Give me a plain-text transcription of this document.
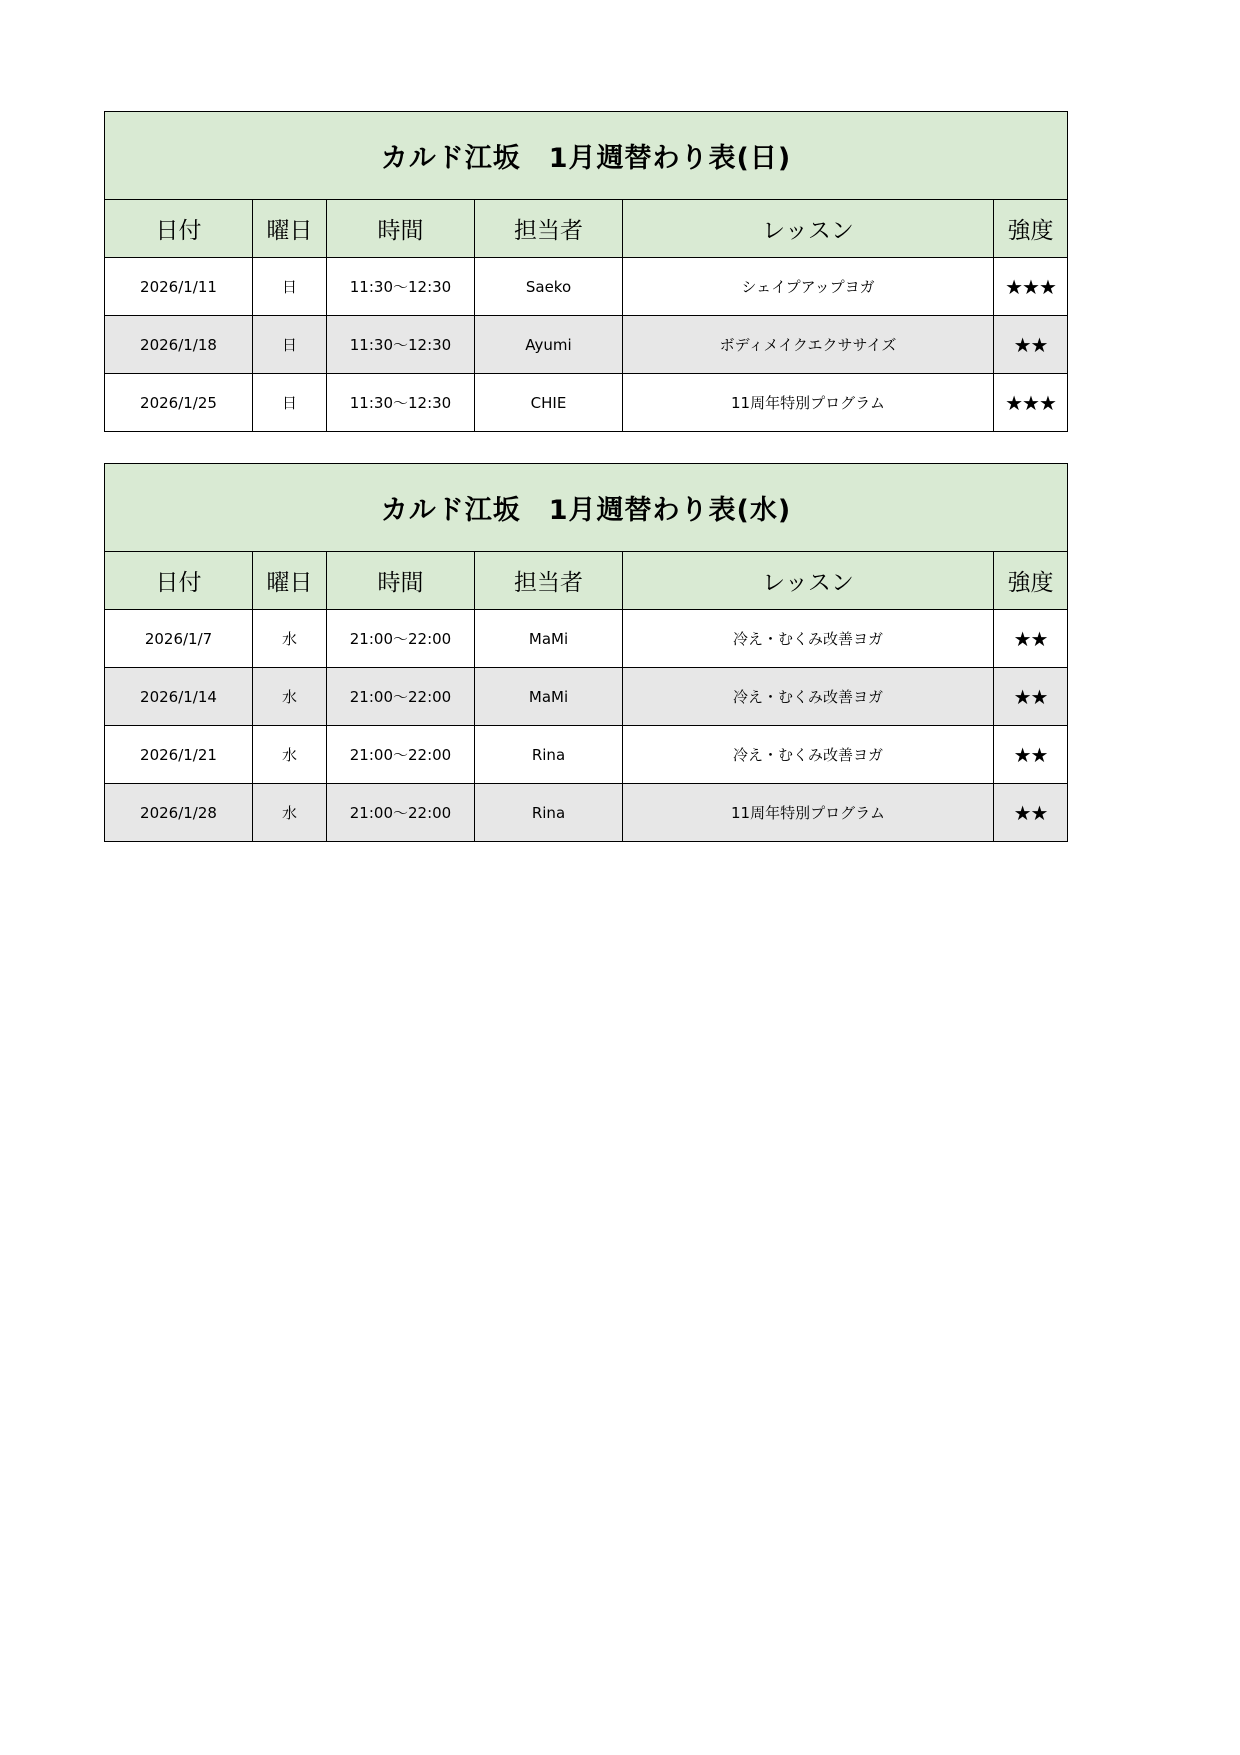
カルド江坂　1月週替わり表(日)					
日付	曜日	時間	担当者	レッスン	強度
2026/1/11	日	11:30～12:30	Saeko	シェイプアップヨガ	★★★
2026/1/18	日	11:30～12:30	Ayumi	ボディメイクエクササイズ	★★
2026/1/25	日	11:30～12:30	CHIE	11周年特別プログラム	★★★
カルド江坂　1月週替わり表(水)					
日付	曜日	時間	担当者	レッスン	強度
2026/1/7	水	21:00～22:00	MaMi	冷え・むくみ改善ヨガ	★★
2026/1/14	水	21:00～22:00	MaMi	冷え・むくみ改善ヨガ	★★
2026/1/21	水	21:00～22:00	Rina	冷え・むくみ改善ヨガ	★★
2026/1/28	水	21:00～22:00	Rina	11周年特別プログラム	★★
